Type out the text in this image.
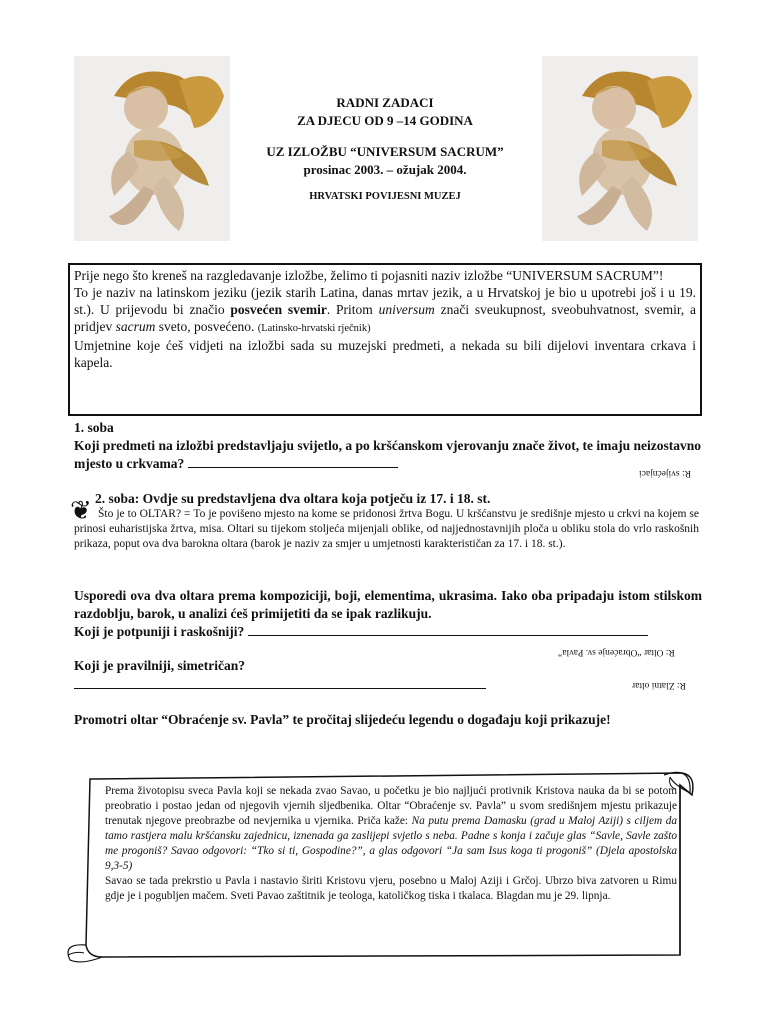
RADNI ZADACI
ZA DJECU OD 9 –14 GODINA
UZ IZLOŽBU “UNIVERSUM SACRUM”
prosinac 2003. – ožujak 2004.
HRVATSKI POVIJESNI MUZEJ
Prije nego što kreneš na razgledavanje izložbe, želimo ti pojasniti naziv izložbe “UNIVERSUM SACRUM”!
To je naziv na latinskom jeziku (jezik starih Latina, danas mrtav jezik, a u Hrvatskoj je bio u upotrebi još i u 19. st.). U prijevodu bi značio posvećen svemir. Pritom universum znači sveukupnost, sveobuhvatnost, svemir, a pridjev sacrum sveto, posvećeno. (Latinsko-hrvatski rječnik)
Umjetnine koje ćeš vidjeti na izložbi sada su muzejski predmeti, a nekada su bili dijelovi inventara crkava i kapela.
1. soba
Koji predmeti na izložbi predstavljaju svijetlo, a po kršćanskom vjerovanju znače život, te imaju neizostavno mjesto u crkvama?
R: svijećnjaci
❦ 2. soba: Ovdje su predstavljena dva oltara koja potječu iz 17. i 18. st.
Što je to OLTAR? = To je povišeno mjesto na kome se pridonosi žrtva Bogu. U kršćanstvu je središnje mjesto u crkvi na kojem se prinosi euharistijska žrtva, misa. Oltari su tijekom stoljeća mijenjali oblike, od najjednostavnijih ploča u obliku stola do vrlo raskošnih prikaza, poput ova dva barokna oltara (barok je naziv za smjer u umjetnosti karakterističan za 17. i 18. st.).
Usporedi ova dva oltara prema kompoziciji, boji, elementima, ukrasima. Iako oba pripadaju istom stilskom razdoblju, barok, u analizi ćeš primijetiti da se ipak razlikuju.
Koji je potpuniji i raskošniji?
R: Oltar “Obraćenje sv. Pavla”
Koji je pravilniji, simetričan?
R: Zlatni oltar
Promotri oltar “Obraćenje sv. Pavla” te pročitaj slijedeću legendu o događaju koji prikazuje!
Prema životopisu sveca Pavla koji se nekada zvao Savao, u početku je bio najljući protivnik Kristova nauka da bi se potom preobratio i postao jedan od njegovih vjernih sljedbenika. Oltar “Obraćenje sv. Pavla” u svom središnjem mjestu prikazuje trenutak njegove preobrazbe od nevjernika u vjernika. Priča kaže: Na putu prema Damasku (grad u Maloj Aziji) s ciljem da tamo rastjera malu kršćansku zajednicu, iznenada ga zaslijepi svjetlo s neba. Padne s konja i začuje glas “Savle, Savle zašto me progoniš? Savao odgovori: “Tko si ti, Gospodine?”, a glas odgovori “Ja sam Isus koga ti progoniš” (Djela apostolska 9,3-5)
Savao se tada prekrstio u Pavla i nastavio širiti Kristovu vjeru, posebno u Maloj Aziji i Grčoj. Ubrzo biva zatvoren u Rimu gdje je i pogubljen mačem. Sveti Pavao zaštitnik je teologa, katoličkog tiska i tkalaca. Blagdan mu je 29. lipnja.
